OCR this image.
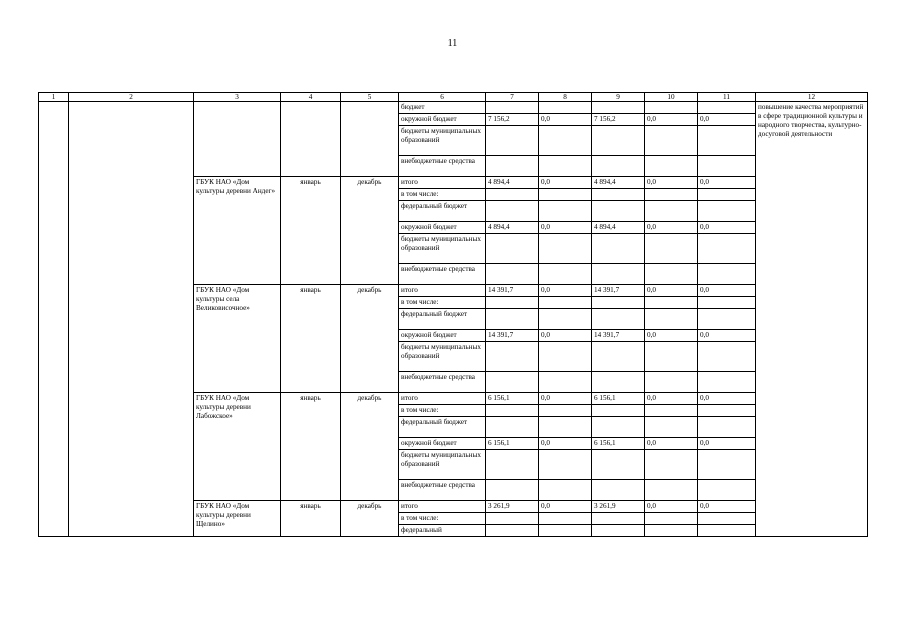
11
1	2	3	4	5	6	7	8	9	10	11	12
					бюджет						повышение качества мероприятий в сфере традиционной культуры и народного творчества, культурно-досуговой деятельности
					окружной бюджет	7 156,2	0,0	7 156,2	0,0	0,0	
					бюджеты муниципальных образований						
					внебюджетные средства						
		ГБУК НАО «Дом культуры деревни Андег»	январь	декабрь	итого	4 894,4	0,0	4 894,4	0,0	0,0	
					в том числе:						
					федеральный бюджет						
					окружной бюджет	4 894,4	0,0	4 894,4	0,0	0,0	
					бюджеты муниципальных образований						
					внебюджетные средства						
		ГБУК НАО «Дом культуры села Великовисочное»	январь	декабрь	итого	14 391,7	0,0	14 391,7	0,0	0,0	
					в том числе:						
					федеральный бюджет						
					окружной бюджет	14 391,7	0,0	14 391,7	0,0	0,0	
					бюджеты муниципальных образований						
					внебюджетные средства						
		ГБУК НАО «Дом культуры деревни Лабожское»	январь	декабрь	итого	6 156,1	0,0	6 156,1	0,0	0,0	
					в том числе:						
					федеральный бюджет						
					окружной бюджет	6 156,1	0,0	6 156,1	0,0	0,0	
					бюджеты муниципальных образований						
					внебюджетные средства						
		ГБУК НАО «Дом культуры деревни Щелино»	январь	декабрь	итого	3 261,9	0,0	3 261,9	0,0	0,0	
					в том числе:						
					федеральный						
